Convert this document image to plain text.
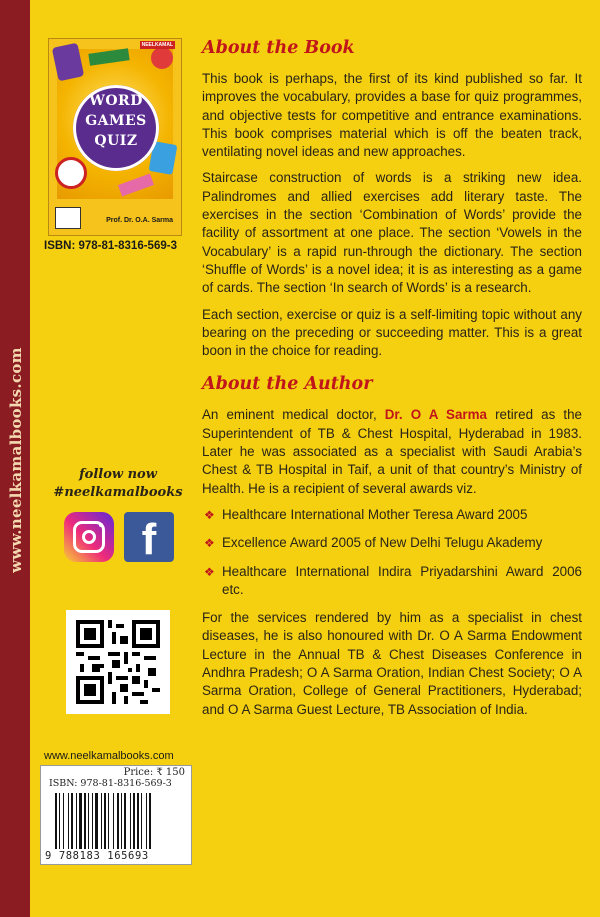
www.neelkamalbooks.com
NEELKAMAL
WORD
GAMES
QUIZ
Prof. Dr. O.A. Sarma
ISBN: 978-81-8316-569-3
follow now
#neelkamalbooks
f
www.neelkamalbooks.com
Price: ₹ 150
ISBN: 978-81-8316-569-3
9 788183 165693
About the Book

This book is perhaps, the first of its kind published so far. It improves the vocabulary, provides a base for quiz programmes, and objective tests for competitive and entrance examinations. This book comprises material which is off the beaten track, ventilating novel ideas and new approaches.

Staircase construction of words is a striking new idea. Palindromes and allied exercises add literary taste. The exercises in the section ‘Combination of Words’ provide the facility of assortment at one place. The section ‘Vowels in the Vocabulary’ is a rapid run-through the dictionary. The section ‘Shuffle of Words’ is a novel idea; it is as interesting as a game of cards. The section ‘In search of Words’ is a research.

Each section, exercise or quiz is a self-limiting topic without any bearing on the preceding or succeeding matter. This is a great boon in the choice for reading.

About the Author

An eminent medical doctor, Dr. O A Sarma retired as the Superintendent of TB & Chest Hospital, Hyderabad in 1983. Later he was associated as a specialist with Saudi Arabia’s Chest & TB Hospital in Taif, a unit of that country’s Ministry of Health. He is a recipient of several awards viz.

❖ Healthcare International Mother Teresa Award 2005
❖ Excellence Award 2005 of New Delhi Telugu Akademy
❖ Healthcare International Indira Priyadarshini Award 2006 etc.

For the services rendered by him as a specialist in chest diseases, he is also honoured with Dr. O A Sarma Endowment Lecture in the Annual TB & Chest Diseases Conference in Andhra Pradesh; O A Sarma Oration, Indian Chest Society; O A Sarma Oration, College of General Practitioners, Hyderabad; and O A Sarma Guest Lecture, TB Association of India.
